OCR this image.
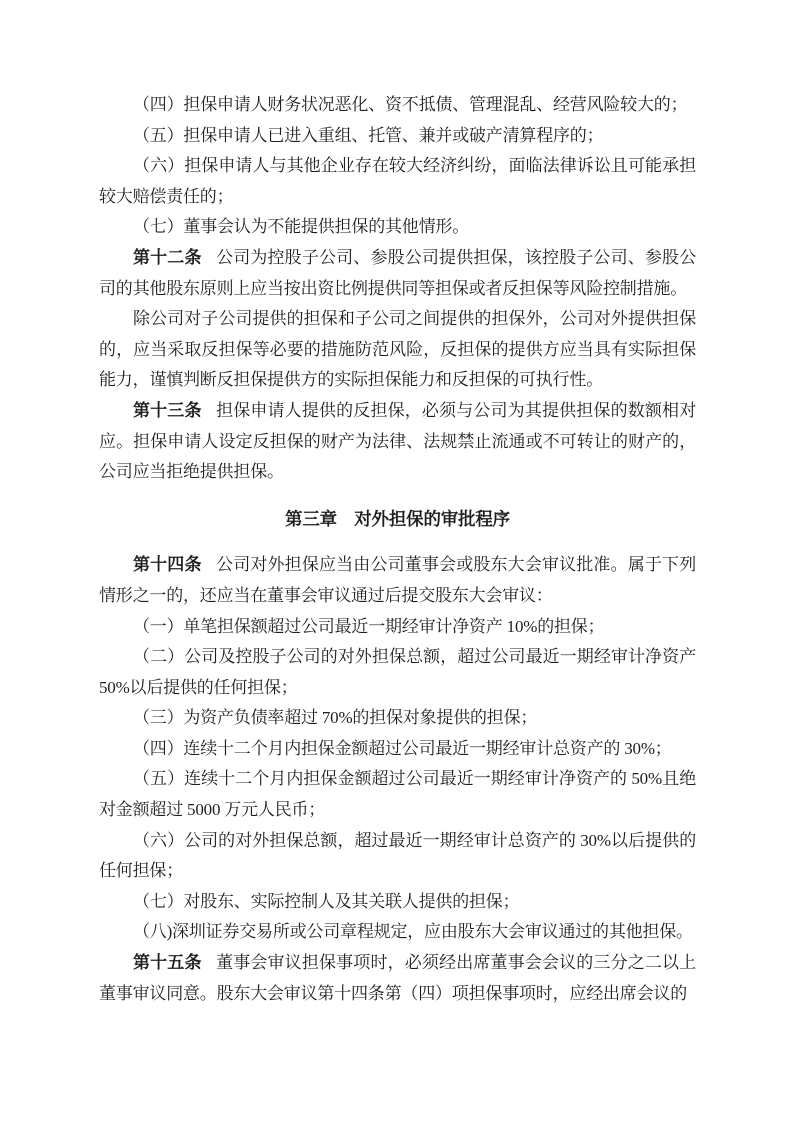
（四）担保申请人财务状况恶化、资不抵债、管理混乱、经营风险较大的；

（五）担保申请人已进入重组、托管、兼并或破产清算程序的；

（六）担保申请人与其他企业存在较大经济纠纷，面临法律诉讼且可能承担较大赔偿责任的；

（七）董事会认为不能提供担保的其他情形。

第十二条 公司为控股子公司、参股公司提供担保，该控股子公司、参股公司的其他股东原则上应当按出资比例提供同等担保或者反担保等风险控制措施。

除公司对子公司提供的担保和子公司之间提供的担保外，公司对外提供担保的，应当采取反担保等必要的措施防范风险，反担保的提供方应当具有实际担保能力，谨慎判断反担保提供方的实际担保能力和反担保的可执行性。

第十三条 担保申请人提供的反担保，必须与公司为其提供担保的数额相对应。担保申请人设定反担保的财产为法律、法规禁止流通或不可转让的财产的，公司应当拒绝提供担保。

第三章　对外担保的审批程序

第十四条 公司对外担保应当由公司董事会或股东大会审议批准。属于下列情形之一的，还应当在董事会审议通过后提交股东大会审议：

（一）单笔担保额超过公司最近一期经审计净资产 10%的担保；

（二）公司及控股子公司的对外担保总额，超过公司最近一期经审计净资产 50%以后提供的任何担保；

（三）为资产负债率超过 70%的担保对象提供的担保；

（四）连续十二个月内担保金额超过公司最近一期经审计总资产的 30%；

（五）连续十二个月内担保金额超过公司最近一期经审计净资产的 50%且绝对金额超过 5000 万元人民币；

（六）公司的对外担保总额，超过最近一期经审计总资产的 30%以后提供的任何担保；

（七）对股东、实际控制人及其关联人提供的担保；

（八)深圳证券交易所或公司章程规定，应由股东大会审议通过的其他担保。

第十五条 董事会审议担保事项时，必须经出席董事会会议的三分之二以上董事审议同意。股东大会审议第十四条第（四）项担保事项时，应经出席会议的
